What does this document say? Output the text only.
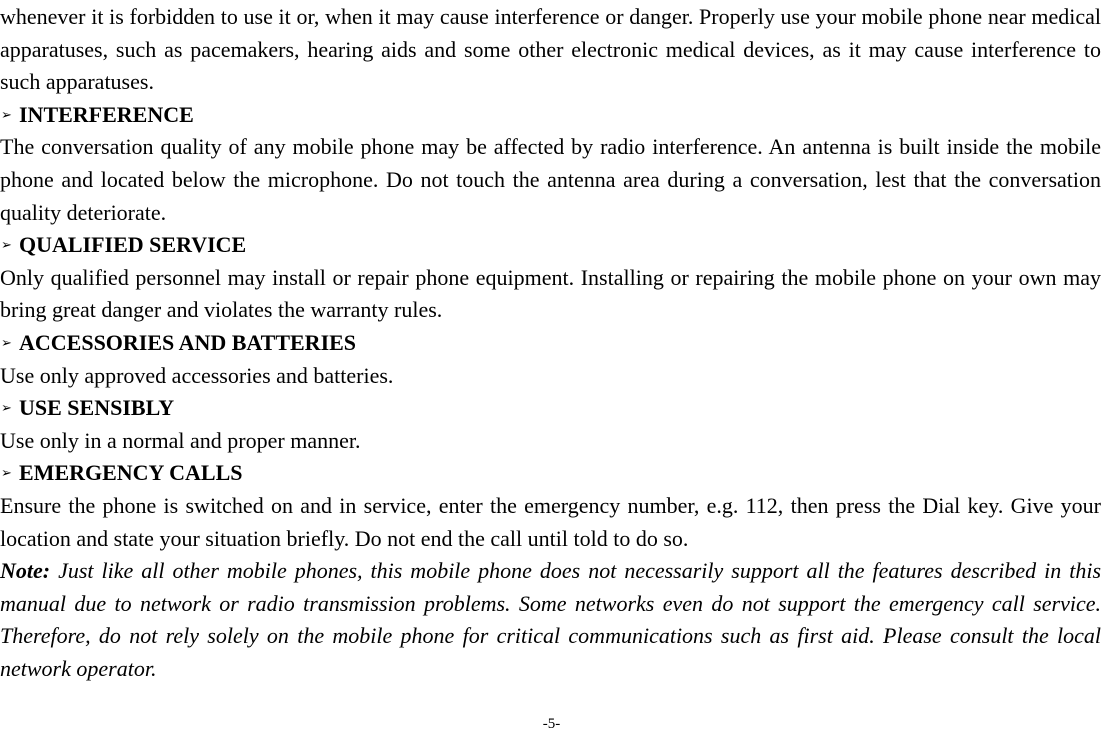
whenever it is forbidden to use it or, when it may cause interference or danger. Properly use your mobile phone near medical apparatuses, such as pacemakers, hearing aids and some other electronic medical devices, as it may cause interference to such apparatuses.

➢ INTERFERENCE

The conversation quality of any mobile phone may be affected by radio interference. An antenna is built inside the mobile phone and located below the microphone. Do not touch the antenna area during a conversation, lest that the conversation quality deteriorate.

➢ QUALIFIED SERVICE

Only qualified personnel may install or repair phone equipment. Installing or repairing the mobile phone on your own may bring great danger and violates the warranty rules.

➢ ACCESSORIES AND BATTERIES

Use only approved accessories and batteries.

➢ USE SENSIBLY

Use only in a normal and proper manner.

➢ EMERGENCY CALLS

Ensure the phone is switched on and in service, enter the emergency number, e.g. 112, then press the Dial key. Give your location and state your situation briefly. Do not end the call until told to do so.

Note: Just like all other mobile phones, this mobile phone does not necessarily support all the features described in this manual due to network or radio transmission problems. Some networks even do not support the emergency call service. Therefore, do not rely solely on the mobile phone for critical communications such as first aid. Please consult the local network operator.

-5-
